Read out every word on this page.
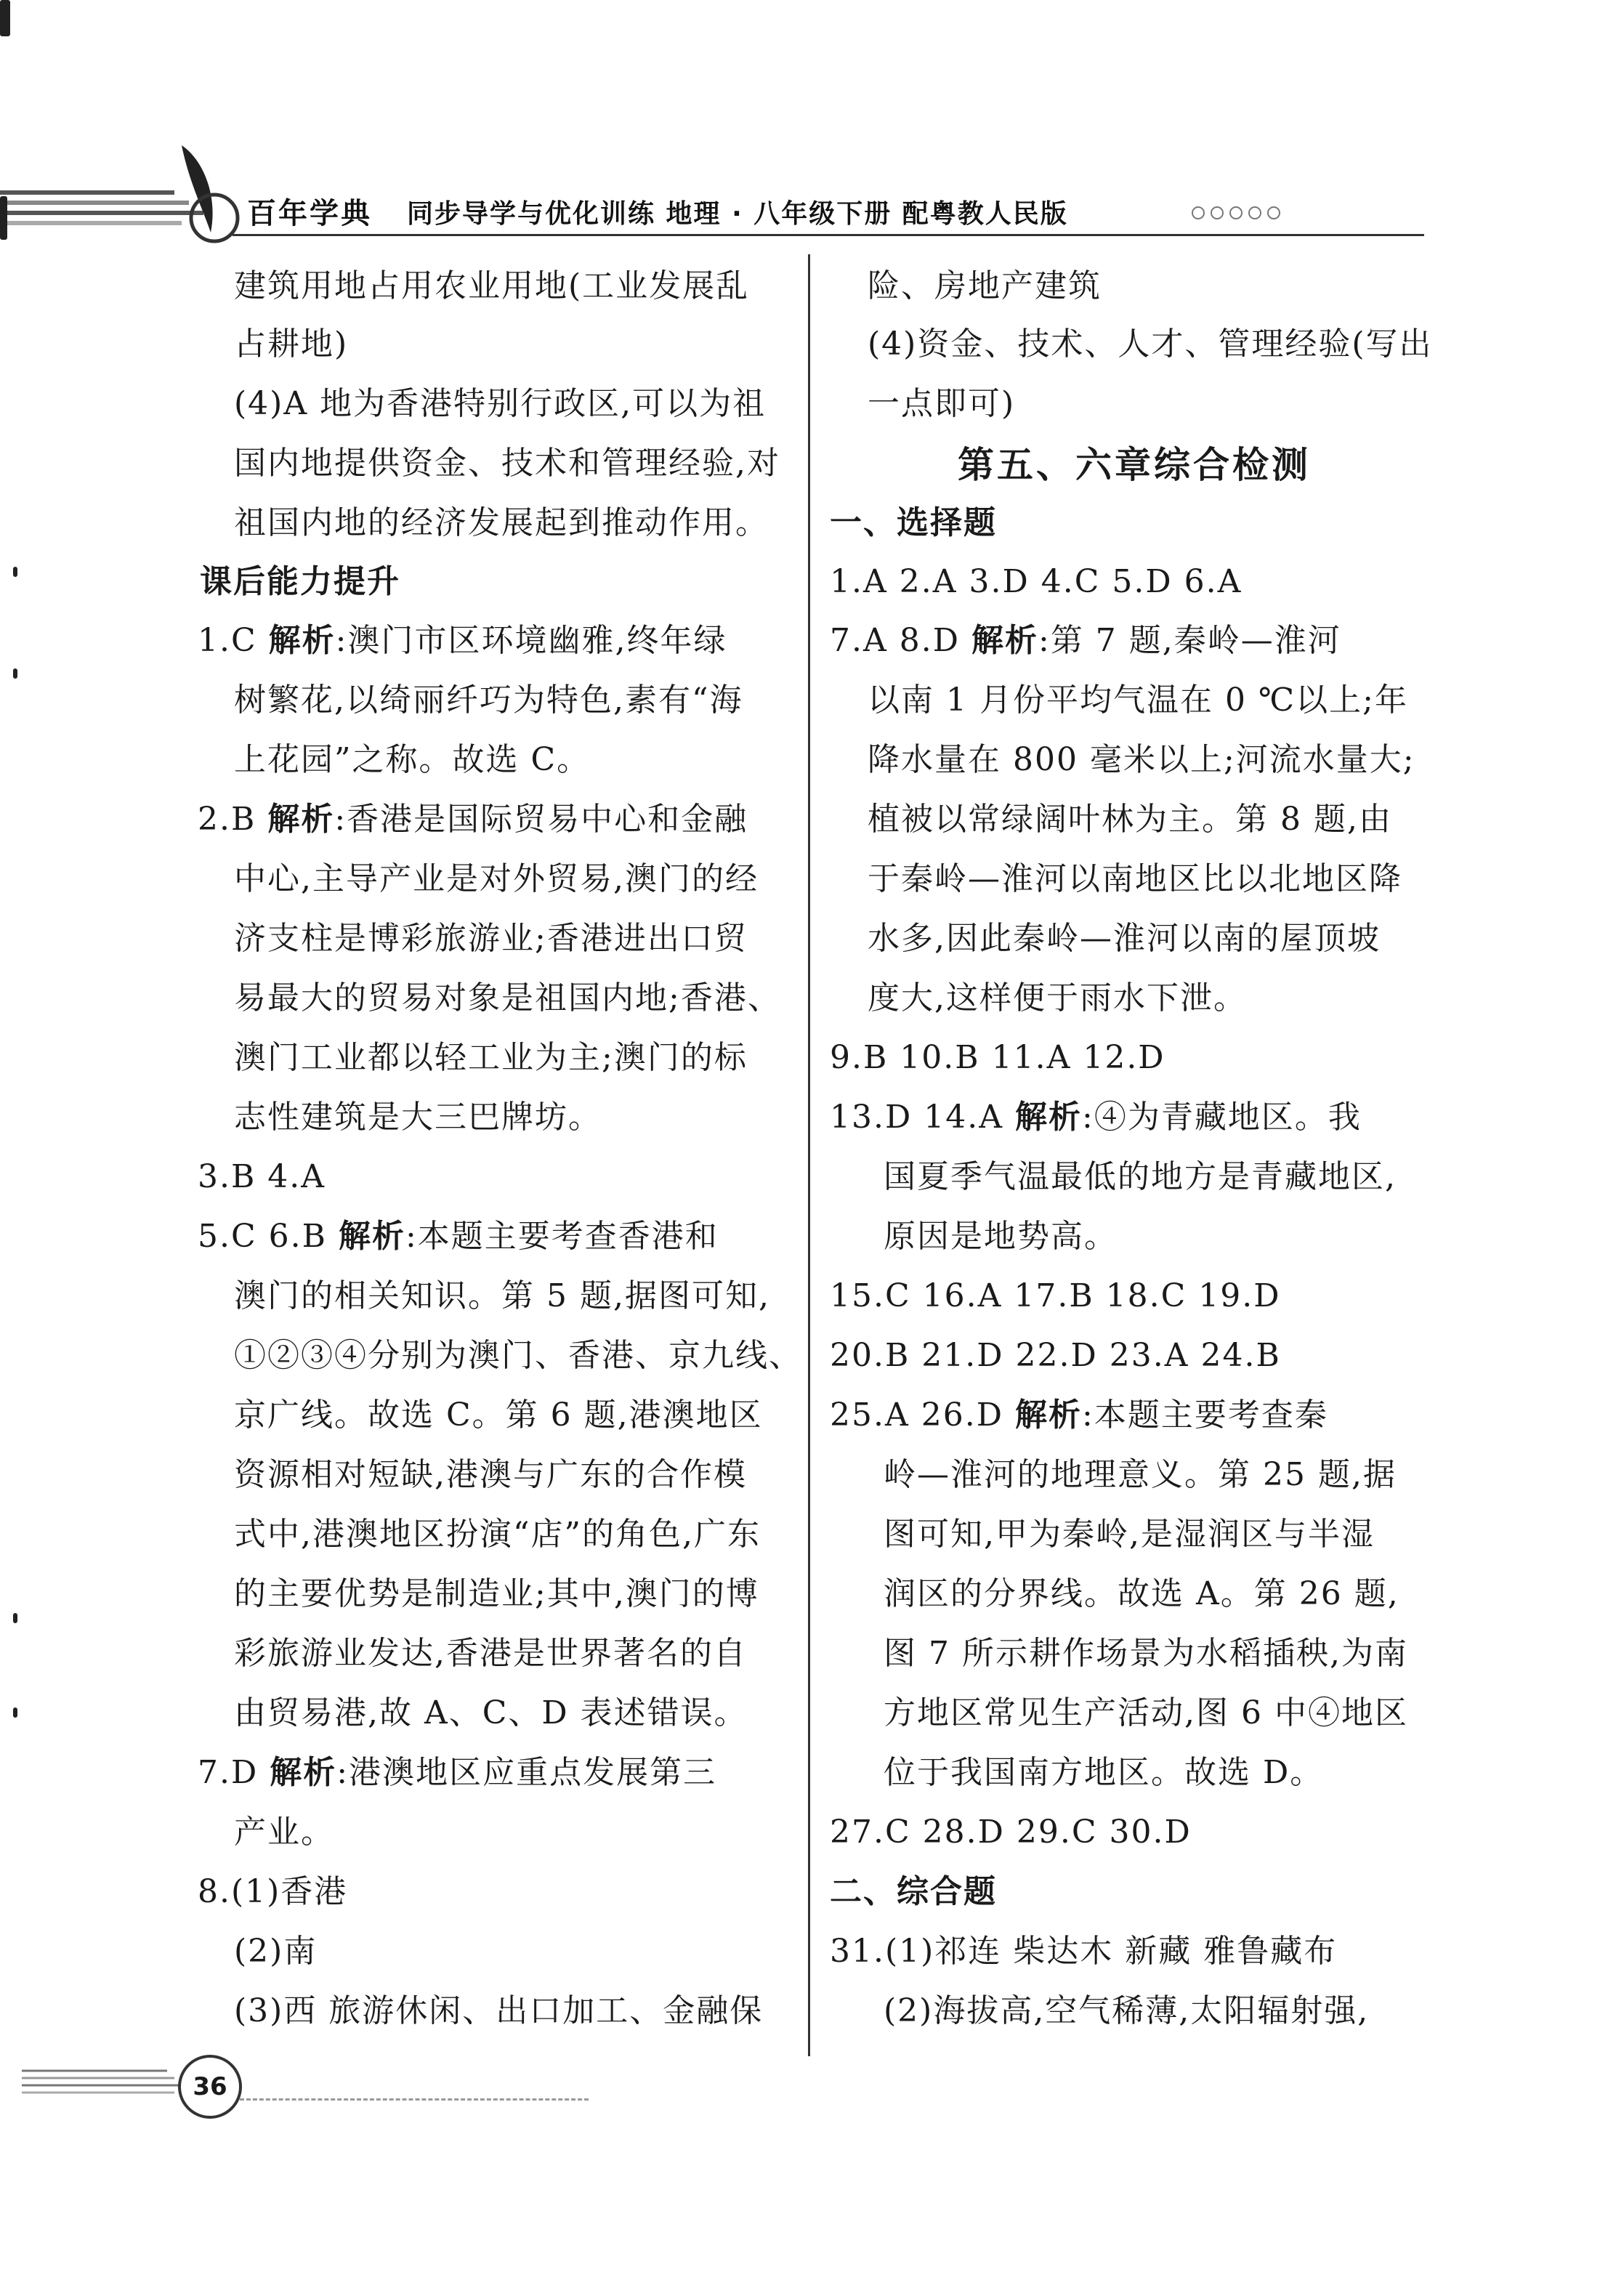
百年学典 同步导学与优化训练 地理 · 八年级下册 配粤教人民版
建筑用地占用农业用地(工业发展乱
占耕地)
(4)A 地为香港特别行政区,可以为祖
国内地提供资金、技术和管理经验,对
祖国内地的经济发展起到推动作用。
课后能力提升
1.C 解析:澳门市区环境幽雅,终年绿
树繁花,以绮丽纤巧为特色,素有“海
上花园”之称。故选 C。
2.B 解析:香港是国际贸易中心和金融
中心,主导产业是对外贸易,澳门的经
济支柱是博彩旅游业;香港进出口贸
易最大的贸易对象是祖国内地;香港、
澳门工业都以轻工业为主;澳门的标
志性建筑是大三巴牌坊。
3.B 4.A
5.C 6.B 解析:本题主要考查香港和
澳门的相关知识。第 5 题,据图可知,
①②③④分别为澳门、香港、京九线、
京广线。故选 C。第 6 题,港澳地区
资源相对短缺,港澳与广东的合作模
式中,港澳地区扮演“店”的角色,广东
的主要优势是制造业;其中,澳门的博
彩旅游业发达,香港是世界著名的自
由贸易港,故 A、C、D 表述错误。
7.D 解析:港澳地区应重点发展第三
产业。
8.(1)香港
(2)南
(3)西 旅游休闲、出口加工、金融保
险、房地产建筑
(4)资金、技术、人才、管理经验(写出
一点即可)
第五、六章综合检测
一、选择题
1.A 2.A 3.D 4.C 5.D 6.A
7.A 8.D 解析:第 7 题,秦岭—淮河
以南 1 月份平均气温在 0 ℃以上;年
降水量在 800 毫米以上;河流水量大;
植被以常绿阔叶林为主。第 8 题,由
于秦岭—淮河以南地区比以北地区降
水多,因此秦岭—淮河以南的屋顶坡
度大,这样便于雨水下泄。
9.B 10.B 11.A 12.D
13.D 14.A 解析:④为青藏地区。我
国夏季气温最低的地方是青藏地区,
原因是地势高。
15.C 16.A 17.B 18.C 19.D
20.B 21.D 22.D 23.A 24.B
25.A 26.D 解析:本题主要考查秦
岭—淮河的地理意义。第 25 题,据
图可知,甲为秦岭,是湿润区与半湿
润区的分界线。故选 A。第 26 题,
图 7 所示耕作场景为水稻插秧,为南
方地区常见生产活动,图 6 中④地区
位于我国南方地区。故选 D。
27.C 28.D 29.C 30.D
二、综合题
31.(1)祁连 柴达木 新藏 雅鲁藏布
(2)海拔高,空气稀薄,太阳辐射强,
36
